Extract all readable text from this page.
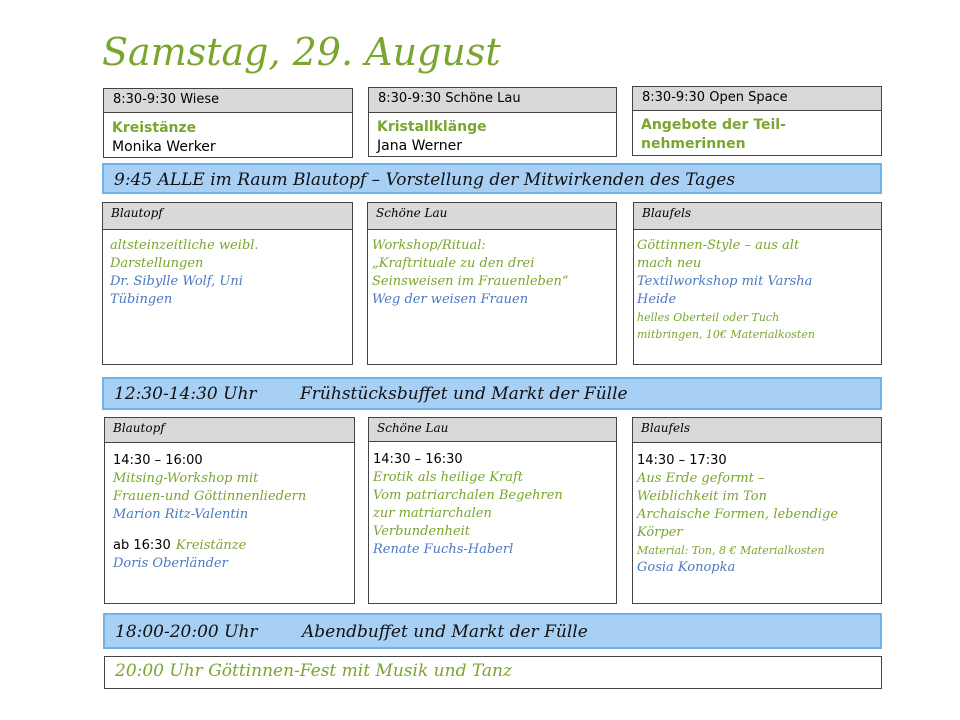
Samstag, 29. August
8:30-9:30 Wiese
Kreistänze
Monika Werker
8:30-9:30 Schöne Lau
Kristallklänge
Jana Werner
8:30-9:30 Open Space
Angebote der Teil-
nehmerinnen
9:45 ALLE im Raum Blautopf – Vorstellung der Mitwirkenden des Tages
Blautopf
altsteinzeitliche weibl.
Darstellungen
Dr. Sibylle Wolf, Uni
Tübingen
Schöne Lau
Workshop/Ritual:
„Kraftrituale zu den drei
Seinsweisen im Frauenleben“
Weg der weisen Frauen
Blaufels
Göttinnen-Style – aus alt
mach neu
Textilworkshop mit Varsha
Heide
helles Oberteil oder Tuch
mitbringen, 10€ Materialkosten
12:30-14:30 Uhr	Frühstücksbuffet und Markt der Fülle
Blautopf
14:30 – 16:00
Mitsing-Workshop mit
Frauen-und Göttinnenliedern
Marion Ritz-Valentin
ab 16:30 Kreistänze
Doris Oberländer
Schöne Lau
14:30 – 16:30
Erotik als heilige Kraft
Vom patriarchalen Begehren
zur matriarchalen
Verbundenheit
Renate Fuchs-Haberl
Blaufels
14:30 – 17:30
Aus Erde geformt –
Weiblichkeit im Ton
Archaische Formen, lebendige
Körper
Material: Ton, 8 € Materialkosten
Gosia Konopka
18:00-20:00 Uhr	Abendbuffet und Markt der Fülle
20:00 Uhr Göttinnen-Fest mit Musik und Tanz
